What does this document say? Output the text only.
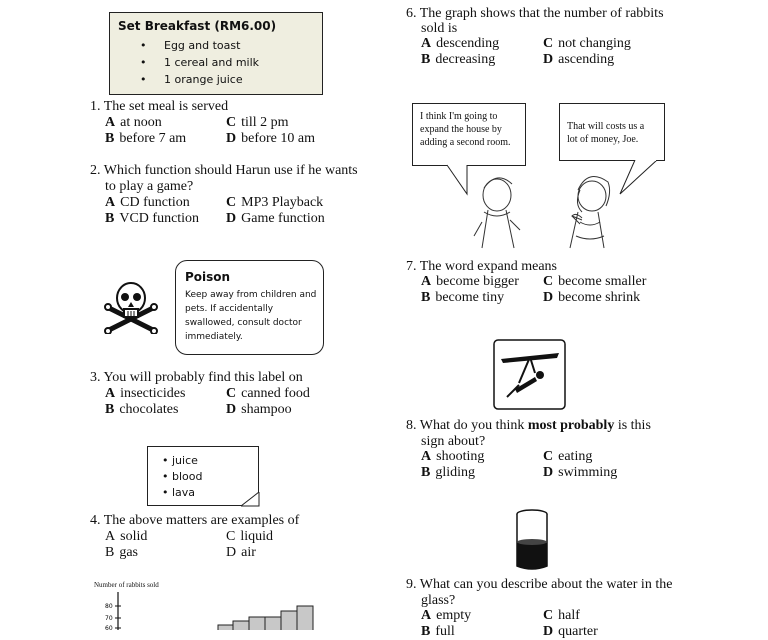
Set Breakfast (RM6.00)
• Egg and toast
• 1 cereal and milk
• 1 orange juice
1. The set meal is served
A at noon	C till 2 pm
B before 7 am	D before 10 am
2. Which function should Harun use if he wants
to play a game?
A CD function	C MP3 Playback
B VCD function D Game function
Poison
Keep away from children and pets. If accidentally swallowed, consult doctor immediately.
3. You will probably find this label on
A insecticides	C canned food
B chocolates	D shampoo
• juice
• blood
• lava
4. The above matters are examples of
A solid	C liquid
B gas	D air
Number of rabbits sold
80
70
60
6. The graph shows that the number of rabbits
sold is
A descending	C not changing
B decreasing	D ascending
I think I'm going to expand the house by adding a second room.
That will costs us a lot of money, Joe.
7. The word expand means
A become bigger C become smaller
B become tiny	D become shrink
8. What do you think most probably is this
sign about?
A shooting	C eating
B gliding	D swimming
9. What can you describe about the water in the
glass?
A empty	C half
B full	D quarter
